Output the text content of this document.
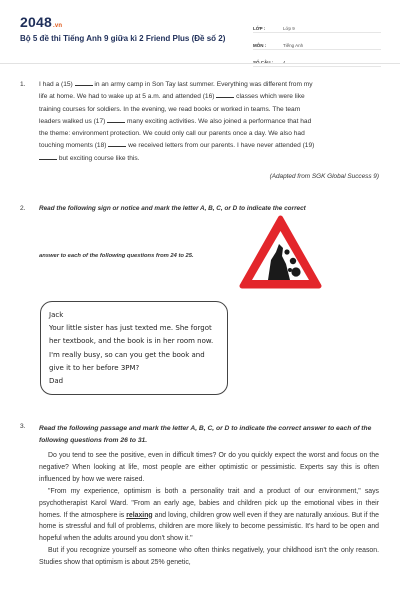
2048.vn
Bộ 5 đề thi Tiếng Anh 9 giữa kì 2 Friend Plus (Đề số 2)
LỚP :	Lớp 9
MÔN :	Tiếng Anh
1. I had a (15)	in an army camp in Son Tay last summer. Everything was different from my

life at home. We had to wake up at 5 a.m. and attended (16)	classes which were like

training courses for soldiers. In the evening, we read books or worked in teams. The team

leaders walked us (17)	many exciting activities. We also joined a performance that had

the theme: environment protection. We could only call our parents once a day. We also had

touching moments (18)	we received letters from our parents. I have never attended (19)

but exciting course like this.

(Adapted from SGK Global Success 9)
2. Read the following sign or notice and mark the letter A, B, C, or D to indicate the correct
answer to each of the following questions from 24 to 25.
Jack
Your little sister has just texted me. She forgot
her textbook, and the book is in her room now.
I'm really busy, so can you get the book and
give it to her before 3PM?
Dad
3. Read the following passage and mark the letter A, B, C, or D to indicate the correct answer to each of the following questions from 26 to 31.

Do you tend to see the positive, even in difficult times? Or do you quickly expect the worst and focus on the negative? When looking at life, most people are either optimistic or pessimistic. Experts say this is often influenced by how we were raised.

"From my experience, optimism is both a personality trait and a product of our environment," says psychotherapist Karol Ward. "From an early age, babies and children pick up the emotional vibes in their homes. If the atmosphere is relaxing and loving, children grow well even if they are naturally anxious. But if the home is stressful and full of problems, children are more likely to become pessimistic. It's hard to be open and hopeful when the adults around you don't show it."

But if you recognize yourself as someone who often thinks negatively, your childhood isn't the only reason. Studies show that optimism is about 25% genetic,
